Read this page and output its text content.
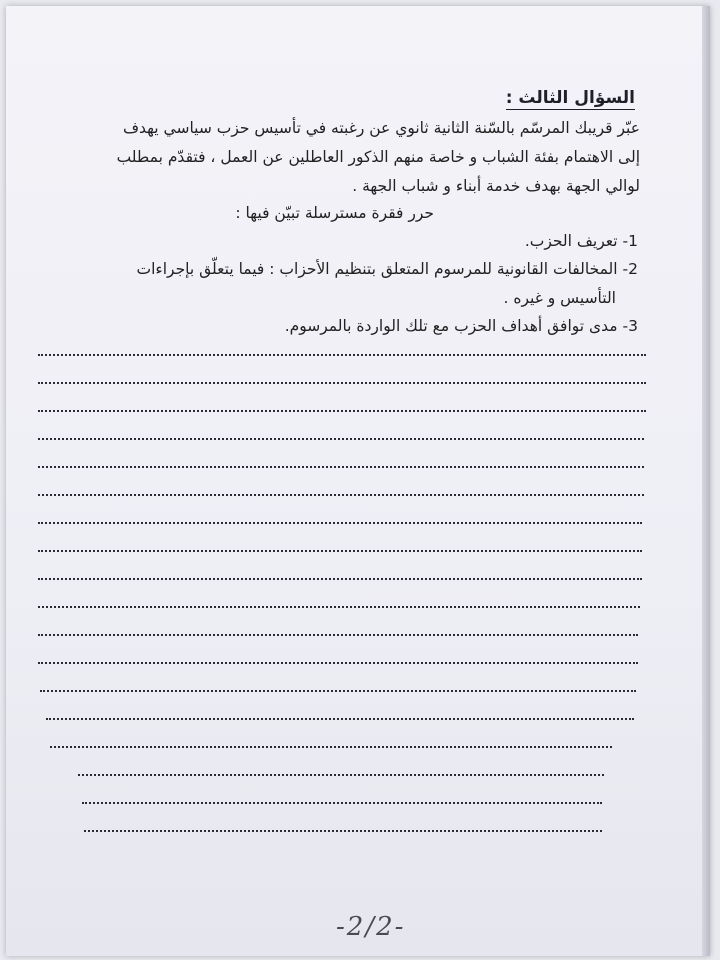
السؤال الثالث :
عبّر قريبك المرسّم بالسّنة الثانية ثانوي عن رغبته في تأسيس حزب سياسي يهدف
إلى الاهتمام بفئة الشباب و خاصة منهم الذكور العاطلين عن العمل ، فتقدّم بمطلب
لوالي الجهة بهدف خدمة أبناء و شباب الجهة .
حرر فقرة مسترسلة تبيّن فيها :
1- تعريف الحزب.
2- المخالفات القانونية للمرسوم المتعلق بتنظيم الأحزاب : فيما يتعلّق بإجراءات
التأسيس و غيره .
3- مدى توافق أهداف الحزب مع تلك الواردة بالمرسوم.
-2/2-
